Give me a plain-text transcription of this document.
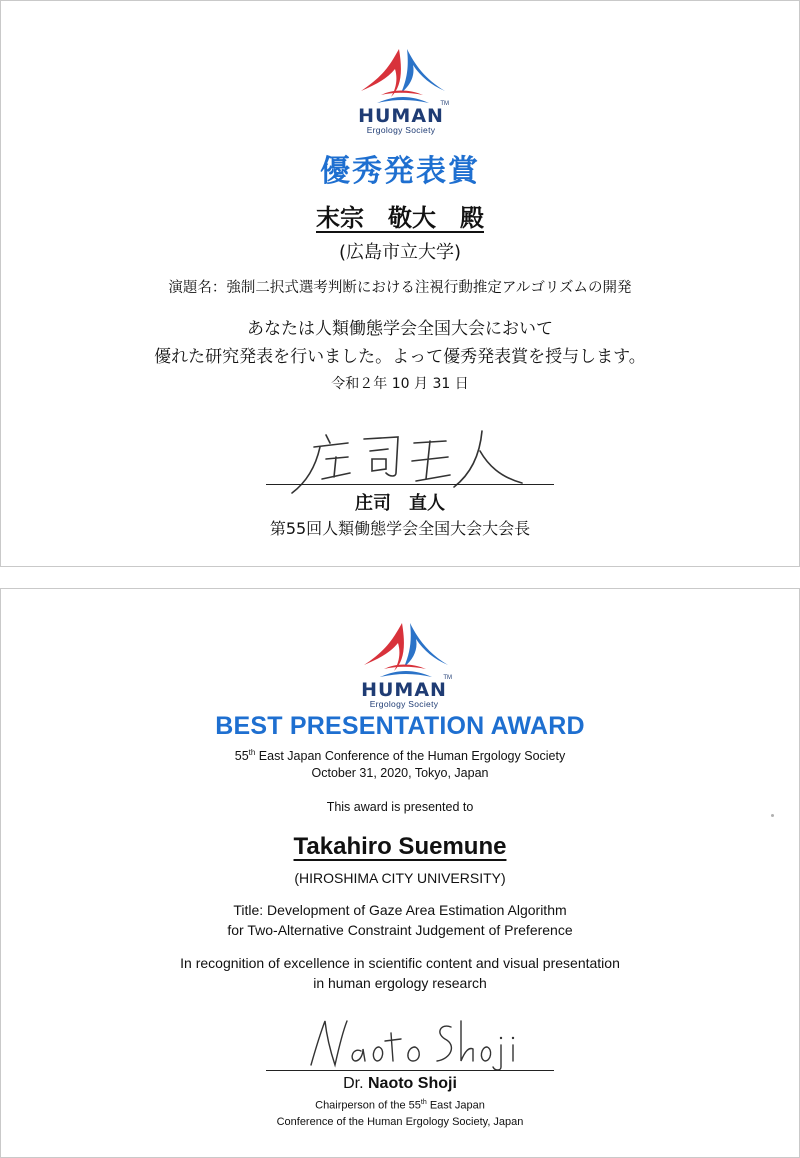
HUMAN
Ergology Society
TM
優秀発表賞
末宗　敬大　殿
(広島市立大学)
演題名：強制二択式選考判断における注視行動推定アルゴリズムの開発
あなたは人類働態学会全国大会において
優れた研究発表を行いました。よって優秀発表賞を授与します。
令和２年 10 月 31 日
庄司　直人
第55回人類働態学会全国大会大会長
HUMAN
Ergology Society
TM
BEST PRESENTATION AWARD
55th East Japan Conference of the Human Ergology Society
October 31, 2020, Tokyo, Japan
This award is presented to
Takahiro Suemune
(HIROSHIMA CITY UNIVERSITY)
Title: Development of Gaze Area Estimation Algorithm
for Two-Alternative Constraint Judgement of Preference
In recognition of excellence in scientific content and visual presentation
in human ergology research
Dr. Naoto Shoji
Chairperson of the 55th East Japan
Conference of the Human Ergology Society, Japan
